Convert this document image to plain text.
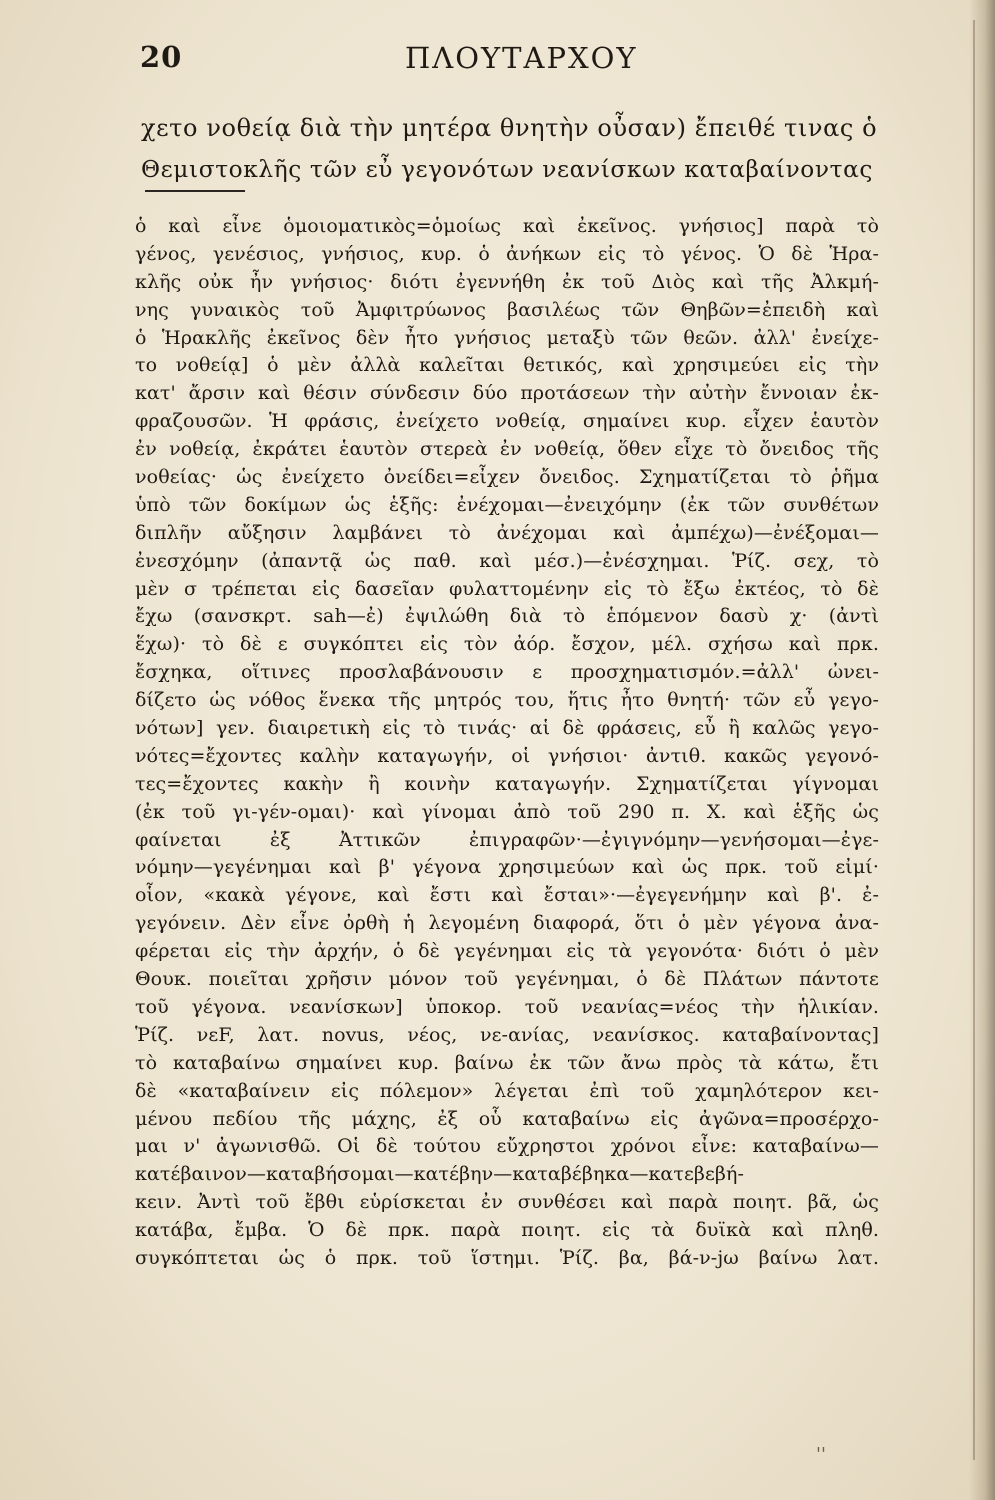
20	ΠΛΟΥΤΑΡΧΟΥ
χετο νοθείᾳ διὰ τὴν μητέρα θνητὴν οὖσαν) ἔπειθέ τινας ὁ
Θεμιστοκλῆς τῶν εὖ γεγονότων νεανίσκων καταβαίνοντας
ὁ καὶ εἶνε ὁμοιοματικὸς=ὁμοίως καὶ ἐκεῖνος. γνήσιος] παρὰ τὸ
γένος, γενέσιος, γνήσιος, κυρ. ὁ ἀνήκων εἰς τὸ γένος. Ὁ δὲ Ἡρα-
κλῆς οὐκ ἦν γνήσιος· διότι ἐγεννήθη ἐκ τοῦ Διὸς καὶ τῆς Ἀλκμή-
νης γυναικὸς τοῦ Ἀμφιτρύωνος βασιλέως τῶν Θηβῶν=ἐπειδὴ καὶ
ὁ Ἡρακλῆς ἐκεῖνος δὲν ἦτο γνήσιος μεταξὺ τῶν θεῶν. ἀλλ' ἐνείχε-
το νοθείᾳ] ὁ μὲν ἀλλὰ καλεῖται θετικός, καὶ χρησιμεύει εἰς τὴν
κατ' ἄρσιν καὶ θέσιν σύνδεσιν δύο προτάσεων τὴν αὐτὴν ἔννοιαν ἐκ-
φραζουσῶν. Ἡ φράσις, ἐνείχετο νοθείᾳ, σημαίνει κυρ. εἶχεν ἑαυτὸν
ἐν νοθείᾳ, ἐκράτει ἑαυτὸν στερεὰ ἐν νοθείᾳ, ὅθεν εἶχε τὸ ὄνειδος τῆς
νοθείας· ὡς ἐνείχετο ὀνείδει=εἶχεν ὄνειδος. Σχηματίζεται τὸ ῥῆμα
ὑπὸ τῶν δοκίμων ὡς ἑξῆς: ἐνέχομαι—ἐνειχόμην (ἐκ τῶν συνθέτων
διπλῆν αὔξησιν λαμβάνει τὸ ἀνέχομαι καὶ ἀμπέχω)—ἐνέξομαι—
ἐνεσχόμην (ἀπαντᾷ ὡς παθ. καὶ μέσ.)—ἐνέσχημαι. Ῥίζ. σεχ, τὸ
μὲν σ τρέπεται εἰς δασεῖαν φυλαττομένην εἰς τὸ ἔξω ἐκτέος, τὸ δὲ
ἔχω (σανσκρτ. sah—ἐ) ἐψιλώθη διὰ τὸ ἑπόμενον δασὺ χ· (ἀντὶ
ἕχω)· τὸ δὲ ε συγκόπτει εἰς τὸν ἀόρ. ἔσχον, μέλ. σχήσω καὶ πρκ.
ἔσχηκα, οἵτινες προσλαβάνουσιν ε προσχηματισμόν.=ἀλλ' ὠνει-
δίζετο ὡς νόθος ἕνεκα τῆς μητρός του, ἥτις ἦτο θνητή· τῶν εὖ γεγο-
νότων] γεν. διαιρετικὴ εἰς τὸ τινάς· αἱ δὲ φράσεις, εὖ ἢ καλῶς γεγο-
νότες=ἔχοντες καλὴν καταγωγήν, οἱ γνήσιοι· ἀντιθ. κακῶς γεγονό-
τες=ἔχοντες κακὴν ἢ κοινὴν καταγωγήν. Σχηματίζεται γίγνομαι
(ἐκ τοῦ γι-γέν-ομαι)· καὶ γίνομαι ἀπὸ τοῦ 290 π. Χ. καὶ ἑξῆς ὡς
φαίνεται ἐξ Ἀττικῶν ἐπιγραφῶν·—ἐγιγνόμην—γενήσομαι—ἐγε-
νόμην—γεγένημαι καὶ β' γέγονα χρησιμεύων καὶ ὡς πρκ. τοῦ εἰμί·
οἷον, «κακὰ γέγονε, καὶ ἔστι καὶ ἔσται»·—ἐγεγενήμην καὶ β'. ἐ-
γεγόνειν. Δὲν εἶνε ὀρθὴ ἡ λεγομένη διαφορά, ὅτι ὁ μὲν γέγονα ἀνα-
φέρεται εἰς τὴν ἀρχήν, ὁ δὲ γεγένημαι εἰς τὰ γεγονότα· διότι ὁ μὲν
Θουκ. ποιεῖται χρῆσιν μόνον τοῦ γεγένημαι, ὁ δὲ Πλάτων πάντοτε
τοῦ γέγονα. νεανίσκων] ὑποκορ. τοῦ νεανίας=νέος τὴν ἡλικίαν.
Ῥίζ. νεF, λατ. novus, νέος, νε-ανίας, νεανίσκος. καταβαίνοντας]
τὸ καταβαίνω σημαίνει κυρ. βαίνω ἐκ τῶν ἄνω πρὸς τὰ κάτω, ἔτι
δὲ «καταβαίνειν εἰς πόλεμον» λέγεται ἐπὶ τοῦ χαμηλότερον κει-
μένου πεδίου τῆς μάχης, ἐξ οὗ καταβαίνω εἰς ἀγῶνα=προσέρχο-
μαι ν' ἀγωνισθῶ. Οἱ δὲ τούτου εὔχρηστοι χρόνοι εἶνε: καταβαίνω—
κατέβαινον—καταβήσομαι—κατέβην—καταβέβηκα—κατεβεβή-
κειν. Ἀντὶ τοῦ ἔβθι εὑρίσκεται ἐν συνθέσει καὶ παρὰ ποιητ. βᾶ, ὡς
κατάβα, ἔμβα. Ὁ δὲ πρκ. παρὰ ποιητ. εἰς τὰ δυϊκὰ καὶ πληθ.
συγκόπτεται ὡς ὁ πρκ. τοῦ ἵστημι. Ῥίζ. βα, βά-ν-jω βαίνω λατ.
''
